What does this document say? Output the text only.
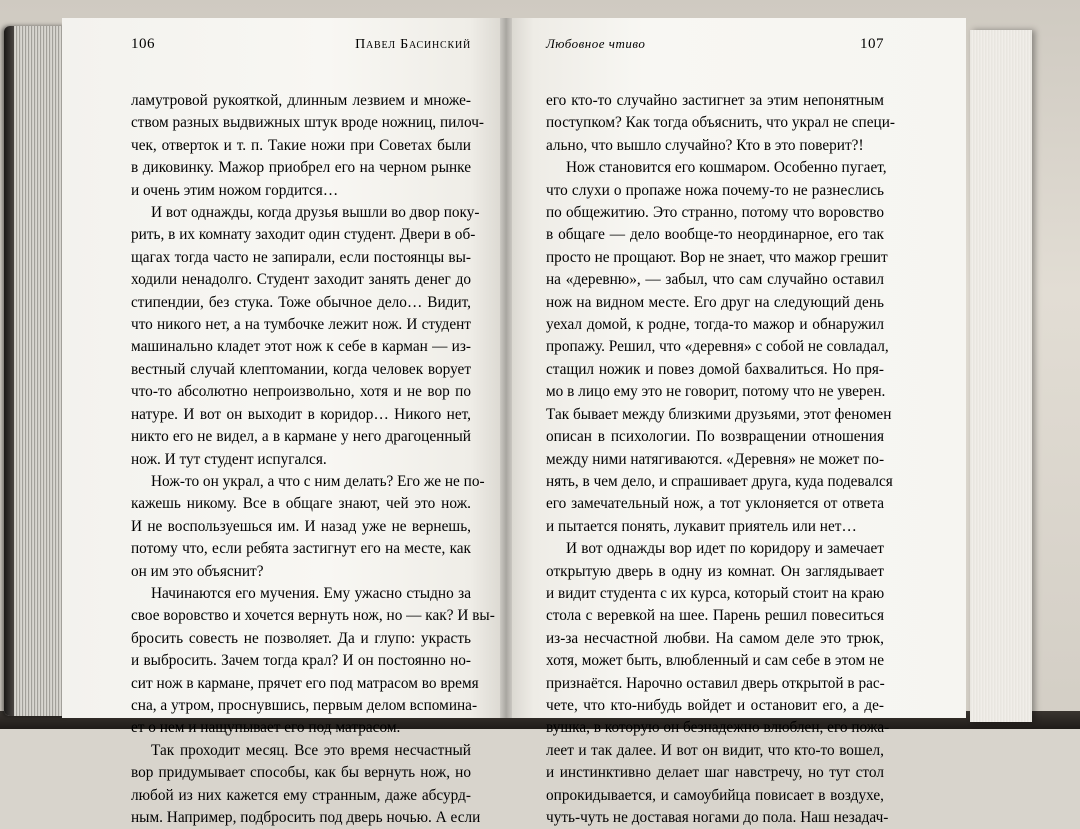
106	Павел Басинский	Любовное чтиво	107

ламутровой рукояткой, длинным лезвием и множе-
ством разных выдвижных штук вроде ножниц, пилоч-
чек, отверток и т. п. Такие ножи при Советах были
в диковинку. Мажор приобрел его на черном рынке
и очень этим ножом гордится…

И вот однажды, когда друзья вышли во двор поку-
рить, в их комнату заходит один студент. Двери в об-
щагах тогда часто не запирали, если постоянцы вы-
ходили ненадолго. Студент заходит занять денег до
стипендии, без стука. Тоже обычное дело… Видит,
что никого нет, а на тумбочке лежит нож. И студент
машинально кладет этот нож к себе в карман — из-
вестный случай клептомании, когда человек ворует
что-то абсолютно непроизвольно, хотя и не вор по
натуре. И вот он выходит в коридор… Никого нет,
никто его не видел, а в кармане у него драгоценный
нож. И тут студент испугался.

Нож-то он украл, а что с ним делать? Его же не по-
кажешь никому. Все в общаге знают, чей это нож.
И не воспользуешься им. И назад уже не вернешь,
потому что, если ребята застигнут его на месте, как
он им это объяснит?

Начинаются его мучения. Ему ужасно стыдно за
свое воровство и хочется вернуть нож, но — как? И вы-
бросить совесть не позволяет. Да и глупо: украсть
и выбросить. Зачем тогда крал? И он постоянно но-
сит нож в кармане, прячет его под матрасом во время
сна, а утром, проснувшись, первым делом вспомина-
ет о нем и нащупывает его под матрасом.

Так проходит месяц. Все это время несчастный
вор придумывает способы, как бы вернуть нож, но
любой из них кажется ему странным, даже абсурд-
ным. Например, подбросить под дверь ночью. А если

его кто-то случайно застигнет за этим непонятным
поступком? Как тогда объяснить, что украл не специ-
ально, что вышло случайно? Кто в это поверит?!

Нож становится его кошмаром. Особенно пугает,
что слухи о пропаже ножа почему-то не разнеслись
по общежитию. Это странно, потому что воровство
в общаге — дело вообще-то неординарное, его так
просто не прощают. Вор не знает, что мажор грешит
на «деревню», — забыл, что сам случайно оставил
нож на видном месте. Его друг на следующий день
уехал домой, к родне, тогда-то мажор и обнаружил
пропажу. Решил, что «деревня» с собой не совладал,
стащил ножик и повез домой бахвалиться. Но пря-
мо в лицо ему это не говорит, потому что не уверен.
Так бывает между близкими друзьями, этот феномен
описан в психологии. По возвращении отношения
между ними натягиваются. «Деревня» не может по-
нять, в чем дело, и спрашивает друга, куда подевался
его замечательный нож, а тот уклоняется от ответа
и пытается понять, лукавит приятель или нет…

И вот однажды вор идет по коридору и замечает
открытую дверь в одну из комнат. Он заглядывает
и видит студента с их курса, который стоит на краю
стола с веревкой на шее. Парень решил повеситься
из-за несчастной любви. На самом деле это трюк,
хотя, может быть, влюбленный и сам себе в этом не
признаётся. Нарочно оставил дверь открытой в рас-
чете, что кто-нибудь войдет и остановит его, а де-
вушка, в которую он безнадежно влюблен, его пожа-
леет и так далее. И вот он видит, что кто-то вошел,
и инстинктивно делает шаг навстречу, но тут стол
опрокидывается, и самоубийца повисает в воздухе,
чуть-чуть не доставая ногами до пола. Наш незадач-
